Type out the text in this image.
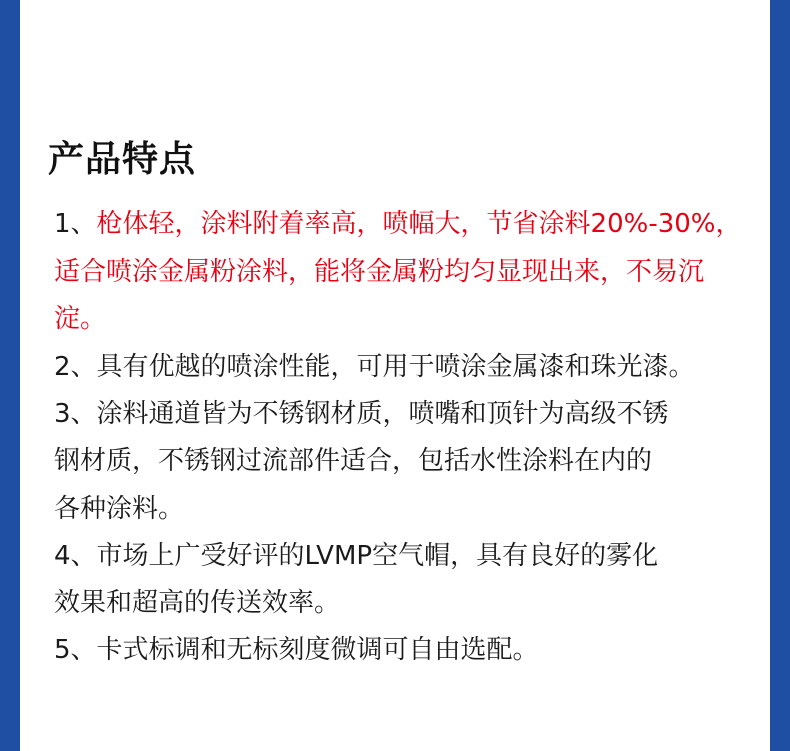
产品特点
1、枪体轻，涂料附着率高，喷幅大，节省涂料20%-30%，
适合喷涂金属粉涂料，能将金属粉均匀显现出来，不易沉
淀。
2、具有优越的喷涂性能，可用于喷涂金属漆和珠光漆。
3、涂料通道皆为不锈钢材质，喷嘴和顶针为高级不锈
钢材质，不锈钢过流部件适合，包括水性涂料在内的
各种涂料。
4、市场上广受好评的LVMP空气帽，具有良好的雾化
效果和超高的传送效率。
5、卡式标调和无标刻度微调可自由选配。
